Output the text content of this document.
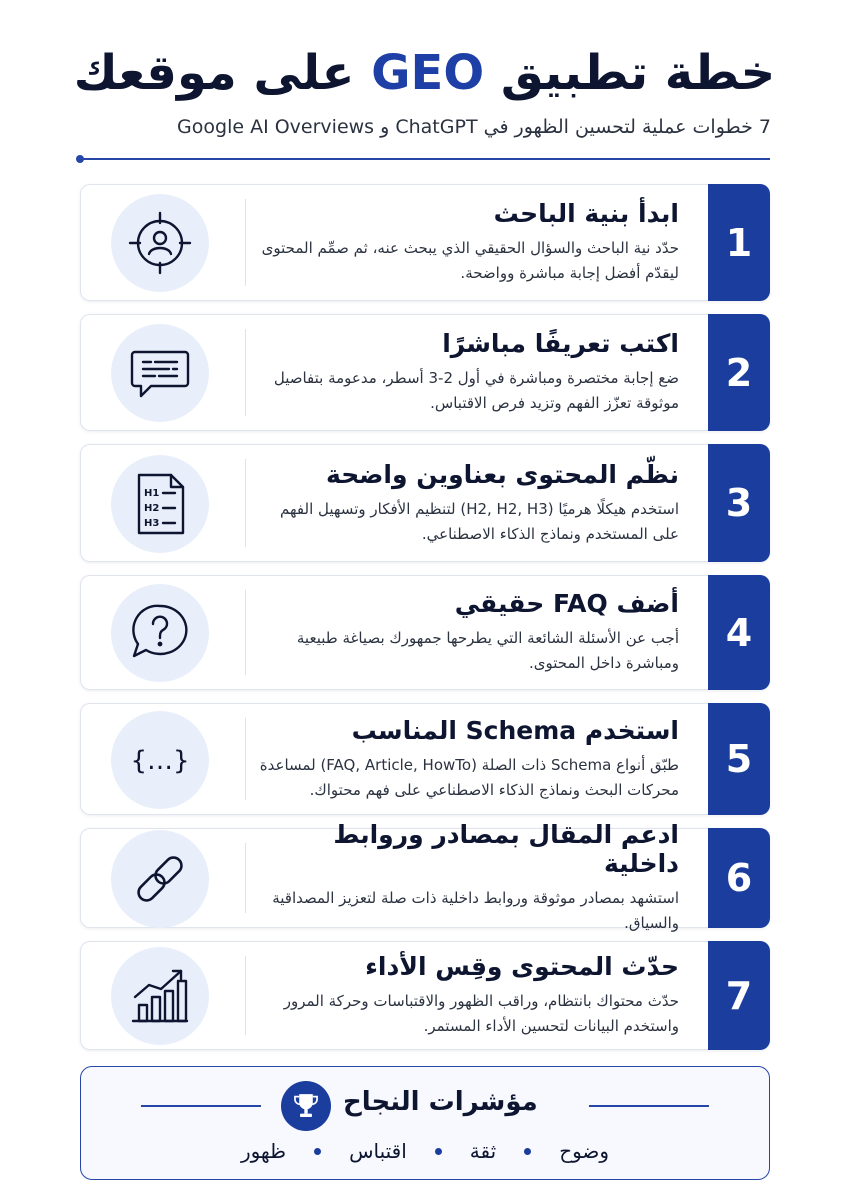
خطة تطبيق GEO على موقعك
7 خطوات عملية لتحسين الظهور في ChatGPT و Google AI Overviews
1
ابدأ بنية الباحث
حدّد نية الباحث والسؤال الحقيقي الذي يبحث عنه، ثم صمِّم المحتوى ليقدّم أفضل إجابة مباشرة وواضحة.
2
اكتب تعريفًا مباشرًا
ضع إجابة مختصرة ومباشرة في أول 2-3 أسطر، مدعومة بتفاصيل موثوقة تعزّز الفهم وتزيد فرص الاقتباس.
3
نظّم المحتوى بعناوين واضحة
استخدم هيكلًا هرميًا (H2, H2, H3) لتنظيم الأفكار وتسهيل الفهم على المستخدم ونماذج الذكاء الاصطناعي.
H1
H2
H3
4
أضف FAQ حقيقي
أجب عن الأسئلة الشائعة التي يطرحها جمهورك بصياغة طبيعية ومباشرة داخل المحتوى.
5
استخدم Schema المناسب
طبّق أنواع Schema ذات الصلة (FAQ, Article, HowTo) لمساعدة محركات البحث ونماذج الذكاء الاصطناعي على فهم محتواك.
{…}
6
ادعم المقال بمصادر وروابط داخلية
استشهد بمصادر موثوقة وروابط داخلية ذات صلة لتعزيز المصداقية والسياق.
7
حدّث المحتوى وقِس الأداء
حدّث محتواك بانتظام، وراقب الظهور والاقتباسات وحركة المرور واستخدم البيانات لتحسين الأداء المستمر.
مؤشرات النجاح
وضوح
ثقة
اقتباس
ظهور
